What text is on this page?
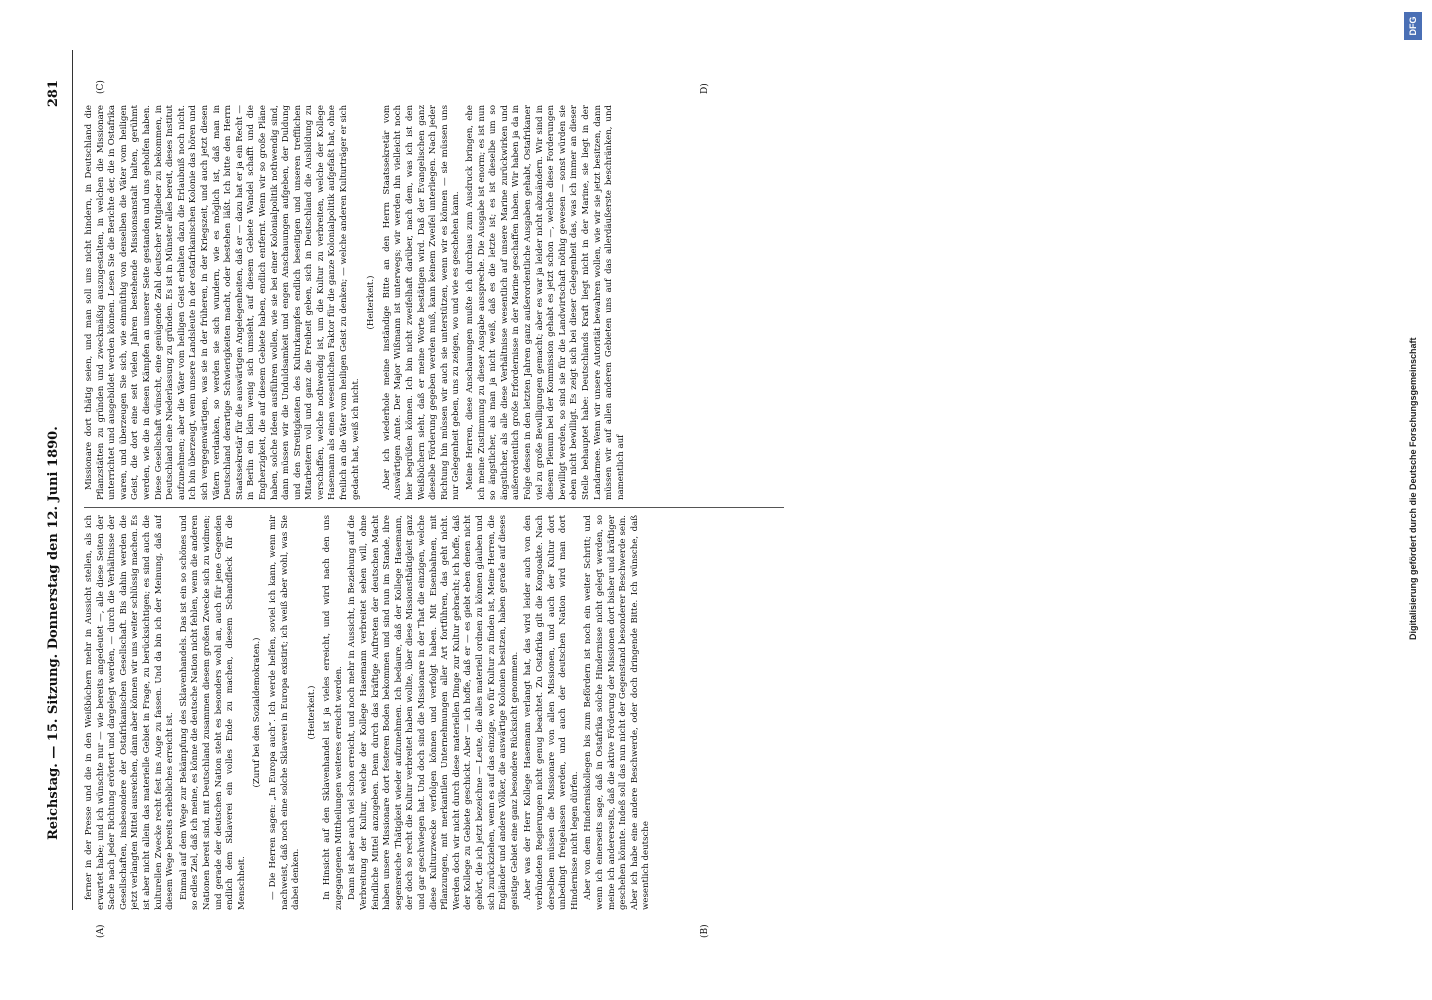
Reichstag. — 15. Sitzung. Donnerstag den 12. Juni 1890.
281
(A)	(B)
(C)	D)

ferner in der Presse und die in den Weißbüchern mehr in Aussicht stellen, als ich erwartet habe; und ich wünschte nur — wie bereits angedeutet —, alle diese Seiten der Sache nach jeder Richtung erörtert und dargelegt werden, — durch die Verhältnisse der Gesellschaften, insbesondere der Ostafrikanischen Gesellschaft. Bis dahin werden die jetzt verlangten Mittel ausreichen, dann aber können wir uns weiter schlüssig machen. Es ist aber nicht allein das materielle Gebiet in Frage, zu berücksichtigen; es sind auch die kulturellen Zwecke recht fest ins Auge zu fassen. Und da bin ich der Meinung, daß auf diesem Wege bereits erhebliches erreicht ist. Einmal auf dem Wege zur Bekämpfung des Sklavenhandels. Das ist ein so schönes und so edles Ziel, daß ich meine, es könne die deutsche Nation nicht fehlen, wenn die anderen Nationen bereit sind, mit Deutschland zusammen diesem großen Zwecke sich zu widmen; und gerade der deutschen Nation steht es besonders wohl an, auch für jene Gegenden endlich dem Sklaverei ein volles Ende zu machen, diesem Schandfleck für die Menschheit.

(Zuruf bei den Sozialdemokraten.) — Die Herren sagen: „In Europa auch“. Ich werde helfen, soviel ich kann, wenn mir nachweist, daß noch eine solche Sklaverei in Europa existirt; ich weiß aber wohl, was Sie dabei denken.

(Heiterkeit.) In Hinsicht auf den Sklavenhandel ist ja vieles erreicht, und wird nach den uns zugegangenen Mittheilungen weiteres erreicht werden. Dann ist aber auch viel schon erreicht, und noch mehr in Aussicht, in Beziehung auf die Verbreitung der Kultur, welche der Kollege Hasemann verbreitet sehen will, ohne feindliche Mittel anzugeben. Denn durch das kräftige Auftreten der deutschen Macht haben unsere Missionare dort festeren Boden bekommen und sind nun im Stande, ihre segensreiche Thätigkeit wieder aufzunehmen. Ich bedaure, daß der Kollege Hasemann, der doch so recht die Kultur verbreitet haben wollte, über diese Missionsthätigkeit ganz und gar geschwiegen hat. Und doch sind die Missionare in der That die einzigen, welche diese Kulturzwecke verfolgen können und verfolgt haben. Mit Eisenbahnen, mit Pflanzungen, mit merkantilen Unternehmungen aller Art fortführen, das geht nicht. Werden doch wir nicht durch diese materiellen Dinge zur Kultur gebracht; ich hoffe, daß der Kollege zu Gebiete geschickt. Aber — ich hoffe, daß er — es giebt eben denen nicht gehört, die ich jetzt bezeichne — Leute, die alles materiell ordnen zu können glauben und sich zurückziehen, wenn es auf das einzige, wo für Kultur zu finden ist, Meine Herren, die Engländer und andere Völker, die auswärtige Kolonien besitzen, haben gerade auf dieses geistige Gebiet eine ganz besondere Rücksicht genommen. Aber was der Herr Kollege Hasemann verlangt hat, das wird leider auch von den verbündeten Regierungen nicht genug beachtet. Zu Ostafrika gilt die Kongoakte. Nach derselben müssen die Missionare von allen Missionen, und auch der Kultur dort unbedingt freigelassen werden, und auch der deutschen Nation wird man dort Hindernisse nicht legen dürfen. Aber von dem Hinderniskollegen bis zum Befördern ist noch ein weiter Schritt; und wenn ich einerseits sage, daß in Ostafrika solche Hindernisse nicht gelegt werden, so meine ich andererseits, daß die aktive Förderung der Missionen dort bisher und kräftiger geschehen könnte. Indeß soll das nun nicht der Gegenstand besonderer Beschwerde sein. Aber ich habe eine andere Beschwerde, oder doch dringende Bitte. Ich wünsche, daß wesentlich deutsche

Missionare dort thätig seien, und man soll uns nicht hindern, in Deutschland die Pflanzstätten zu gründen und zweckmäßig auszugestalten, in welchen die Missionare unterrichtet und ausgebildet werden können. Lesen Sie die Berichte der, die in Ostafrika waren, und überzeugen Sie sich, wie einmüthig von denselben die Väter vom heiligen Geist, die dort eine seit vielen Jahren bestehende Missionsanstalt halten, gerühmt werden, wie die in diesen Kämpfen an unserer Seite gestanden und uns geholfen haben. Diese Gesellschaft wünscht, eine genügende Zahl deutscher Mitglieder zu bekommen, in Deutschland eine Niederlassung zu gründen. Es ist in Münster alles bereit, dieses Institut aufzunehmen; aber die Väter vom heiligen Geist erhalten dazu die Erlaubniß noch nicht. Ich bin überzeugt, wenn unsere Landsleute in der ostafrikanischen Kolonie das hören und sich vergegenwärtigen, was sie in der früheren, in der Kriegszeit, und auch jetzt diesen Vätern verdanken, so werden sie sich wundern, wie es möglich ist, daß man in Deutschland derartige Schwierigkeiten macht, oder bestehen läßt. Ich bitte den Herrn Staatssekretär für die auswärtigen Angelegenheiten, daß er — dazu hat er ja ein Recht — in Berlin ein klein wenig sich umsieht, auf diesem Gebiete Wandel schafft und die Engherzigkeit, die auf diesem Gebiete haben, endlich entfernt. Wenn wir so große Pläne haben, solche Ideen ausführen wollen, wie sie bei einer Kolonialpolitik nothwendig sind, dann müssen wir die Unduldsamkeit und engen Anschauungen aufgeben, der Duldung und den Streitigkeiten des Kulturkampfes endlich beseitigen und unseren trefflichen Mitarbeitern voll und ganz die Freiheit geben, sich in Deutschland die Ausbildung zu verschaffen, welche nothwendig ist, um die Kultur zu verbreiten, welche der Kollege Hasemann als einen wesentlichen Faktor für die ganze Kolonialpolitik aufgefaßt hat, ohne freilich an die Väter vom heiligen Geist zu denken; — welche anderen Kulturträger er sich gedacht hat, weiß ich nicht.

(Heiterkeit.) Aber ich wiederhole meine inständige Bitte an den Herrn Staatssekretär vom Auswärtigen Amte. Der Major Wißmann ist unterwegs; wir werden ihn vielleicht noch hier begrüßen können. Ich bin nicht zweifelhaft darüber, nach dem, was ich ist den Weißbüchern sieht, daß er meine Worte bestätigen wird. Daß der Evangelischen ganz dieselbe Förderung gegeben werden muß, kann keinem Zweifel unterliegen. Nach jeder Richtung hin müssen wir auch sie unterstützen, wenn wir es können — sie müssen uns nur Gelegenheit geben, uns zu zeigen, wo und wie es geschehen kann. Meine Herren, diese Anschauungen mußte ich durchaus zum Ausdruck bringen, ehe ich meine Zustimmung zu dieser Ausgabe ausspreche. Die Ausgabe ist enorm; es ist nun so ängstlicher, als man ja nicht weiß, daß es die letzte ist; es ist dieselbe um so ängstlicher, als alle diese Verhältnisse wesentlich auf unsere Marine zurückwirken und außerordentlich große Erfordernisse in der Marine geschaffen haben. Wir haben ja da in Folge dessen in den letzten Jahren ganz außerordentliche Ausgaben gehabt, Ostafrikaner viel zu große Bewilligungen gemacht; aber es war ja leider nicht abzuändern. Wir sind in diesem Plenum bei der Kommission gehabt es jetzt schon —, welche diese Forderungen bewilligt werden, so sind sie für die Landwirtschaft nöthig gewesen — sonst würden sie eben nicht bewilligt. Es zeigt sich bei dieser Gelegenheit das, was ich immer an dieser Stelle behauptet habe: Deutschlands Kraft liegt nicht in der Marine, sie liegt in der Landarmee. Wenn wir unsere Autorität bewahren wollen, wie wir sie jetzt besitzen, dann müssen wir auf allen anderen Gebieten uns auf das allerdäußerste beschränken, und namentlich auf	Digitalisierung gefördert durch die Deutsche Forschungsgemeinschaft
DFG
